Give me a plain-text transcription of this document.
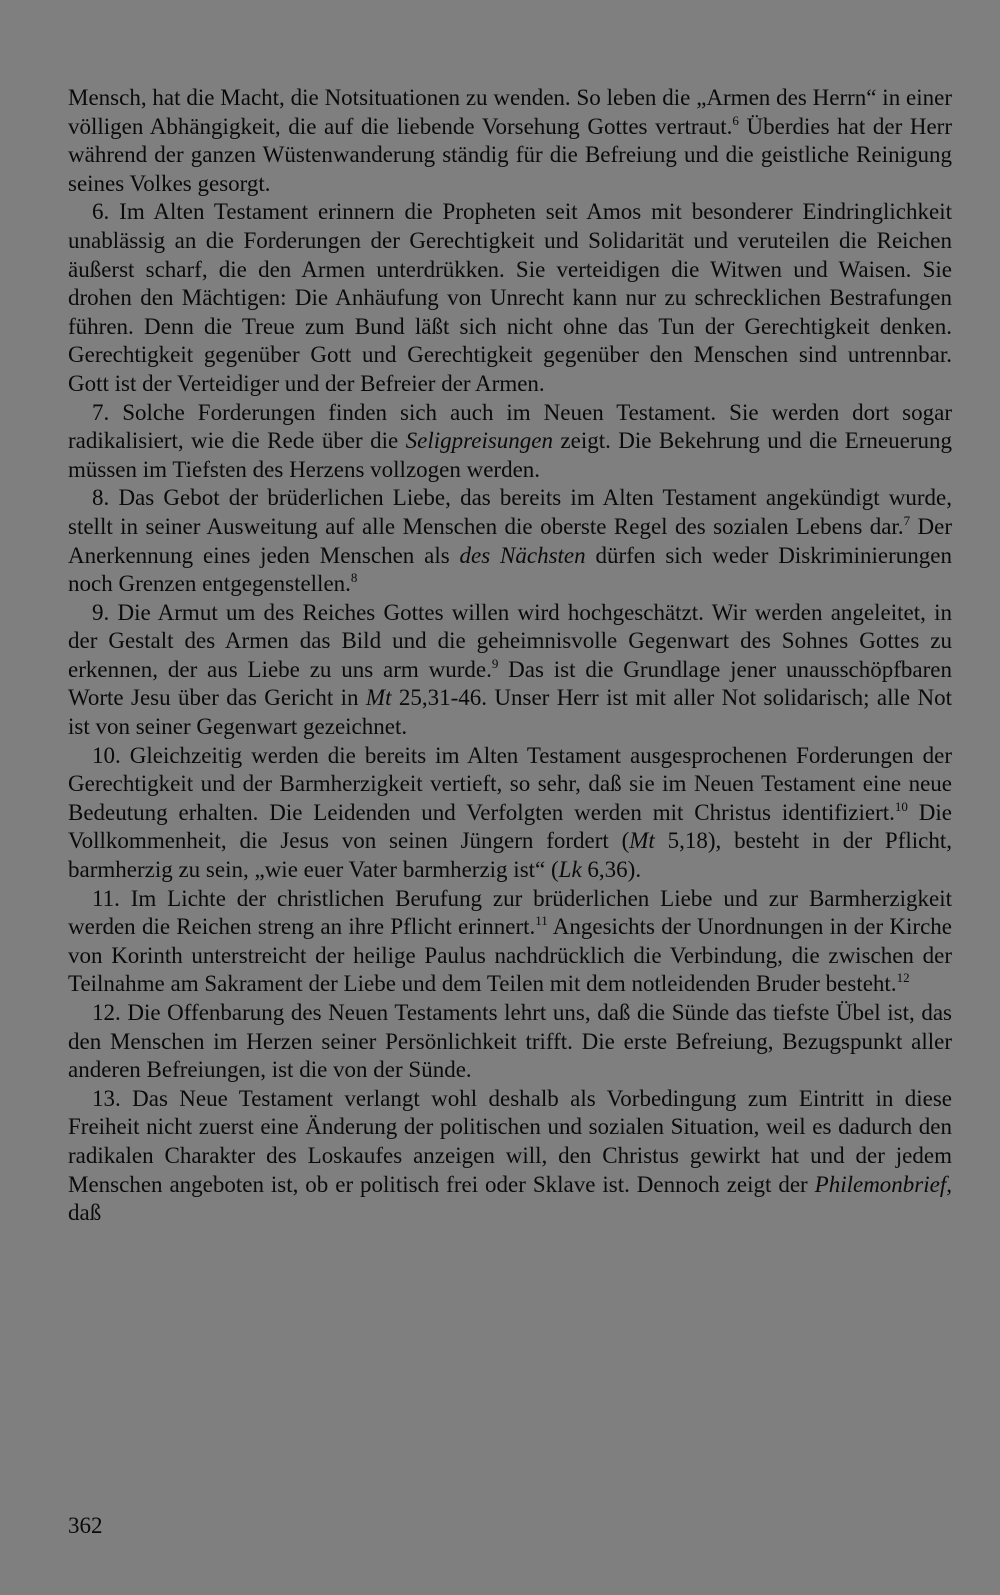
Mensch, hat die Macht, die Notsituationen zu wenden. So leben die „Armen des Herrn“ in einer völligen Abhängigkeit, die auf die liebende Vorsehung Gottes vertraut.$^6$ Überdies hat der Herr während der ganzen Wüstenwanderung ständig für die Befreiung und die geistliche Reinigung seines Volkes gesorgt.

6. Im Alten Testament erinnern die Propheten seit Amos mit besonderer Eindringlichkeit unablässig an die Forderungen der Gerechtigkeit und Solidarität und veruteilen die Reichen äußerst scharf, die den Armen unterdrükken. Sie verteidigen die Witwen und Waisen. Sie drohen den Mächtigen: Die Anhäufung von Unrecht kann nur zu schrecklichen Bestrafungen führen. Denn die Treue zum Bund läßt sich nicht ohne das Tun der Gerechtigkeit denken. Gerechtigkeit gegenüber Gott und Gerechtigkeit gegenüber den Menschen sind untrennbar. Gott ist der Verteidiger und der Befreier der Armen.

7. Solche Forderungen finden sich auch im Neuen Testament. Sie werden dort sogar radikalisiert, wie die Rede über die Seligpreisungen zeigt. Die Bekehrung und die Erneuerung müssen im Tiefsten des Herzens vollzogen werden.

8. Das Gebot der brüderlichen Liebe, das bereits im Alten Testament angekündigt wurde, stellt in seiner Ausweitung auf alle Menschen die oberste Regel des sozialen Lebens dar.$^7$ Der Anerkennung eines jeden Menschen als des Nächsten dürfen sich weder Diskriminierungen noch Grenzen entgegenstellen.$^8$

9. Die Armut um des Reiches Gottes willen wird hochgeschätzt. Wir werden angeleitet, in der Gestalt des Armen das Bild und die geheimnisvolle Gegenwart des Sohnes Gottes zu erkennen, der aus Liebe zu uns arm wurde.$^9$ Das ist die Grundlage jener unausschöpfbaren Worte Jesu über das Gericht in Mt 25,31-46. Unser Herr ist mit aller Not solidarisch; alle Not ist von seiner Gegenwart gezeichnet.

10. Gleichzeitig werden die bereits im Alten Testament ausgesprochenen Forderungen der Gerechtigkeit und der Barmherzigkeit vertieft, so sehr, daß sie im Neuen Testament eine neue Bedeutung erhalten. Die Leidenden und Verfolgten werden mit Christus identifiziert.$^{10}$ Die Vollkommenheit, die Jesus von seinen Jüngern fordert (Mt 5,18), besteht in der Pflicht, barmherzig zu sein, „wie euer Vater barmherzig ist“ (Lk 6,36).

11. Im Lichte der christlichen Berufung zur brüderlichen Liebe und zur Barmherzigkeit werden die Reichen streng an ihre Pflicht erinnert.$^{11}$ Angesichts der Unordnungen in der Kirche von Korinth unterstreicht der heilige Paulus nachdrücklich die Verbindung, die zwischen der Teilnahme am Sakrament der Liebe und dem Teilen mit dem notleidenden Bruder besteht.$^{12}$

12. Die Offenbarung des Neuen Testaments lehrt uns, daß die Sünde das tiefste Übel ist, das den Menschen im Herzen seiner Persönlichkeit trifft. Die erste Befreiung, Bezugspunkt aller anderen Befreiungen, ist die von der Sünde.

13. Das Neue Testament verlangt wohl deshalb als Vorbedingung zum Eintritt in diese Freiheit nicht zuerst eine Änderung der politischen und sozialen Situation, weil es dadurch den radikalen Charakter des Loskaufes anzeigen will, den Christus gewirkt hat und der jedem Menschen angeboten ist, ob er politisch frei oder Sklave ist. Dennoch zeigt der Philemonbrief, daß

362
